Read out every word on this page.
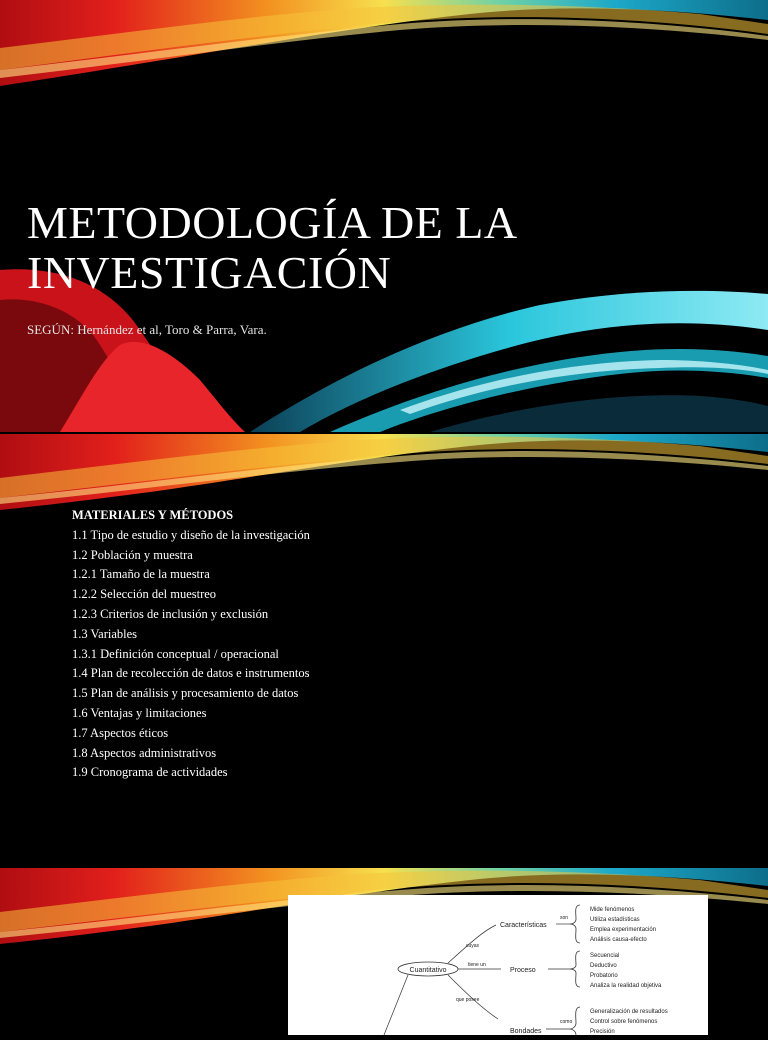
METODOLOGÍA DE LA
INVESTIGACIÓN
SEGÚN: Hernández et al, Toro & Parra, Vara.
MATERIALES Y MÉTODOS
1.1 Tipo de estudio y diseño de la investigación
1.2 Población y muestra
1.2.1 Tamaño de la muestra
1.2.2 Selección del muestreo
1.2.3 Criterios de inclusión y exclusión
1.3 Variables
1.3.1 Definición conceptual / operacional
1.4 Plan de recolección de datos e instrumentos
1.5 Plan de análisis y procesamiento de datos
1.6 Ventajas y limitaciones
1.7 Aspectos éticos
1.8 Aspectos administrativos
1.9 Cronograma de actividades
Cuantitativo
cuyas
tiene un
que posee
Características
Proceso
Bondades
son
como
Mide fenómenos
Utiliza estadísticas
Emplea experimentación
Análisis causa-efecto
Secuencial
Deductivo
Probatorio
Analiza la realidad objetiva
Generalización de resultados
Control sobre fenómenos
Precisión
